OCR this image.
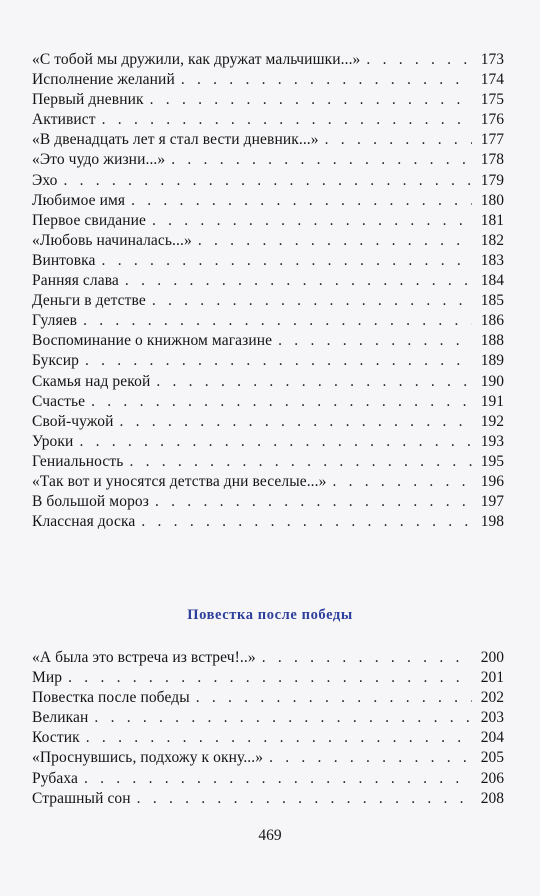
«С тобой мы дружили, как дружат мальчишки...» . . .	173
Исполнение желаний . . .	174
Первый дневник . . .	175
Активист . . .	176
«В двенадцать лет я стал вести дневник...» . . .	177
«Это чудо жизни...» . . .	178
Эхо . . .	179
Любимое имя . . .	180
Первое свидание . . .	181
«Любовь начиналась...» . . .	182
Винтовка . . .	183
Ранняя слава . . .	184
Деньги в детстве . . .	185
Гуляев . . .	186
Воспоминание о книжном магазине . . .	188
Буксир . . .	189
Скамья над рекой . . .	190
Счастье . . .	191
Свой-чужой . . .	192
Уроки . . .	193
Гениальность . . .	195
«Так вот и уносятся детства дни веселые...» . . .	196
В большой мороз . . .	197
Классная доска . . .	198
Повестка после победы
«А была это встреча из встреч!..» . . .	200
Мир . . .	201
Повестка после победы . . .	202
Великан . . .	203
Костик . . .	204
«Проснувшись, подхожу к окну...» . . .	205
Рубаха . . .	206
Страшный сон . . .	208
469
